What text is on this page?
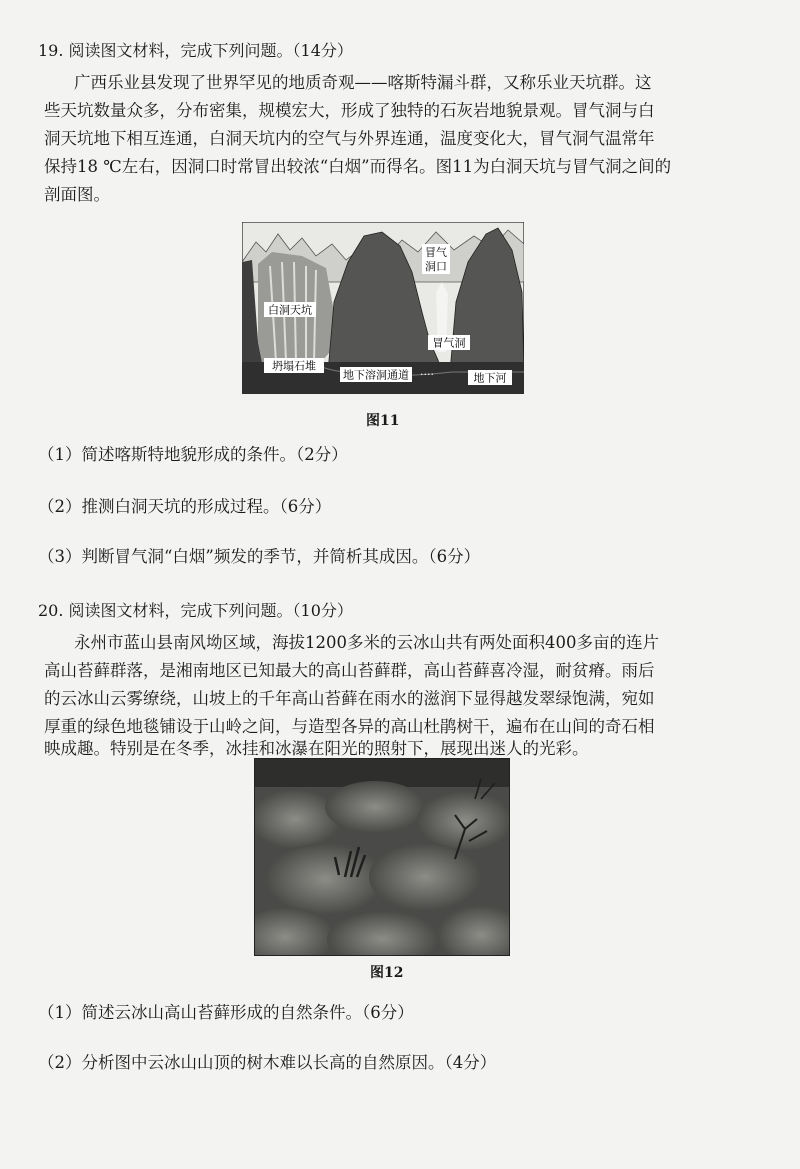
19. 阅读图文材料，完成下列问题。（14分）
广西乐业县发现了世界罕见的地质奇观——喀斯特漏斗群，又称乐业天坑群。这
些天坑数量众多，分布密集，规模宏大，形成了独特的石灰岩地貌景观。冒气洞与白
洞天坑地下相互连通，白洞天坑内的空气与外界连通，温度变化大，冒气洞气温常年
保持18 ℃左右，因洞口时常冒出较浓“白烟”而得名。图11为白洞天坑与冒气洞之间的
剖面图。
白洞天坑
坍塌石堆
地下溶洞通道 ····
冒气
洞口
冒气洞
地下河
图11
（1）简述喀斯特地貌形成的条件。（2分）
（2）推测白洞天坑的形成过程。（6分）
（3）判断冒气洞“白烟”频发的季节，并简析其成因。（6分）
20. 阅读图文材料，完成下列问题。（10分）
永州市蓝山县南风坳区域，海拔1200多米的云冰山共有两处面积400多亩的连片
高山苔藓群落，是湘南地区已知最大的高山苔藓群，高山苔藓喜冷湿，耐贫瘠。雨后
的云冰山云雾缭绕，山坡上的千年高山苔藓在雨水的滋润下显得越发翠绿饱满，宛如
厚重的绿色地毯铺设于山岭之间，与造型各异的高山杜鹃树干，遍布在山间的奇石相
映成趣。特别是在冬季，冰挂和冰瀑在阳光的照射下，展现出迷人的光彩。
图12
（1）简述云冰山高山苔藓形成的自然条件。（6分）
（2）分析图中云冰山山顶的树木难以长高的自然原因。（4分）
